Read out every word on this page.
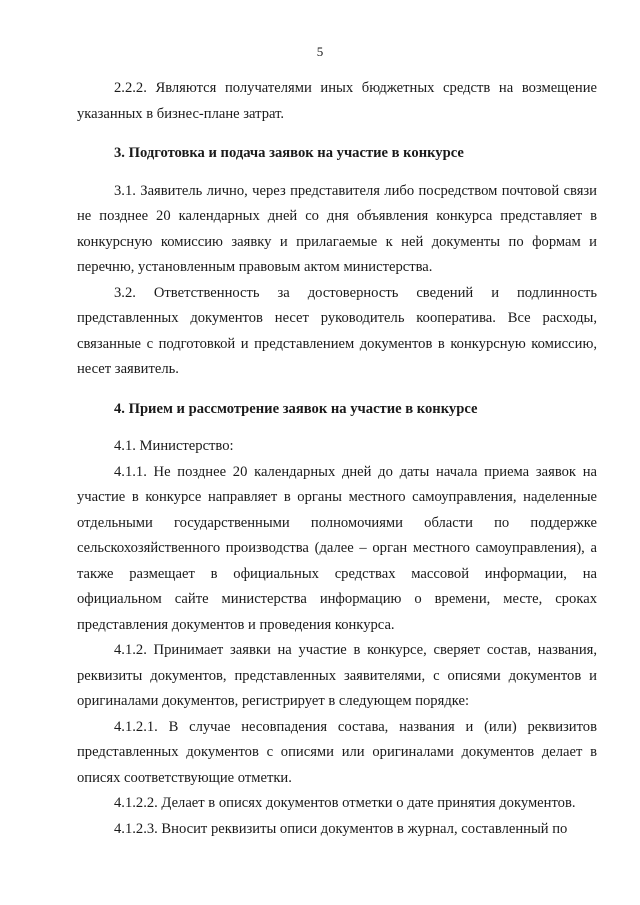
5

2.2.2. Являются получателями иных бюджетных средств на возмещение указанных в бизнес-плане затрат.

3. Подготовка и подача заявок на участие в конкурсе

3.1. Заявитель лично, через представителя либо посредством почтовой связи не позднее 20 календарных дней со дня объявления конкурса представляет в конкурсную комиссию заявку и прилагаемые к ней документы по формам и перечню, установленным правовым актом министерства.

3.2. Ответственность за достоверность сведений и подлинность представленных документов несет руководитель кооператива. Все расходы, связанные с подготовкой и представлением документов в конкурсную комиссию, несет заявитель.

4. Прием и рассмотрение заявок на участие в конкурсе

4.1. Министерство:

4.1.1. Не позднее 20 календарных дней до даты начала приема заявок на участие в конкурсе направляет в органы местного самоуправления, наделенные отдельными государственными полномочиями области по поддержке сельскохозяйственного производства (далее – орган местного самоуправления), а также размещает в официальных средствах массовой информации, на официальном сайте министерства информацию о времени, месте, сроках представления документов и проведения конкурса.

4.1.2. Принимает заявки на участие в конкурсе, сверяет состав, названия, реквизиты документов, представленных заявителями, с описями документов и оригиналами документов, регистрирует в следующем порядке:

4.1.2.1. В случае несовпадения состава, названия и (или) реквизитов представленных документов с описями или оригиналами документов делает в описях соответствующие отметки.

4.1.2.2. Делает в описях документов отметки о дате принятия документов.

4.1.2.3. Вносит реквизиты описи документов в журнал, составленный по
